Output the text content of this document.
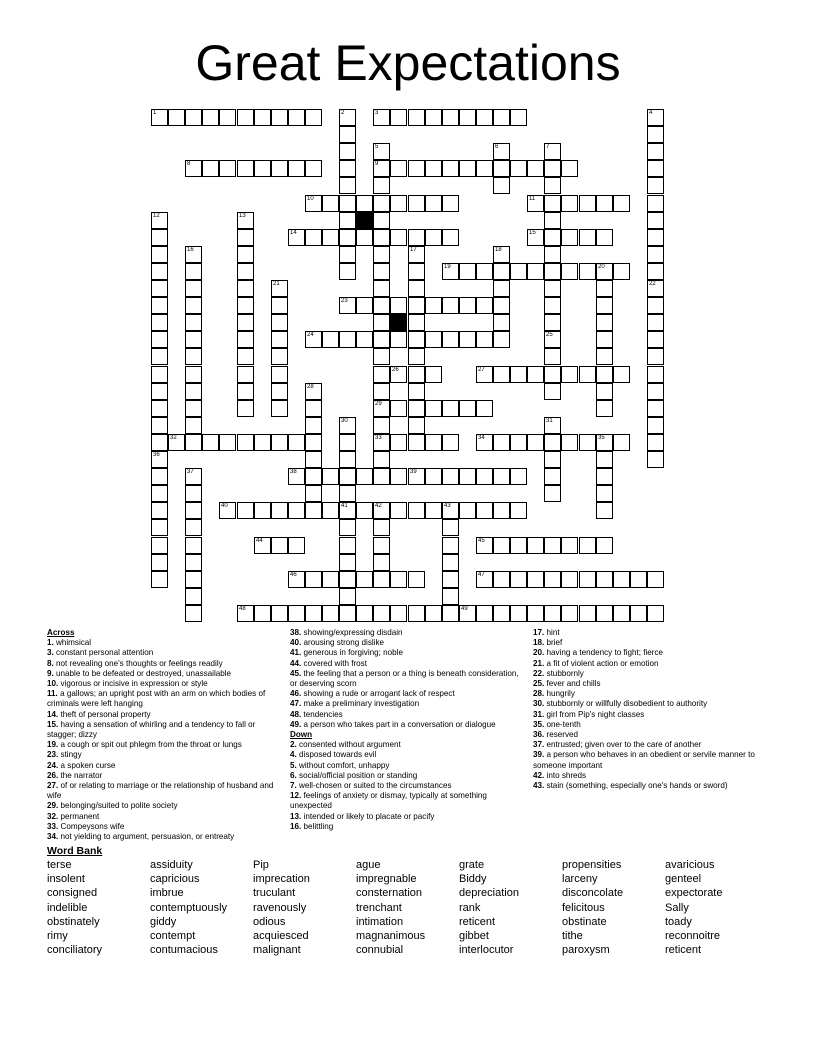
Great Expectations
1	3
8	9
10	11
14	15
19	20
23
24
26	27
29
32	33	34	35
38	39
40	41	42	43
44	45
46	47
48	49
2	4
22
5	6	7
12	13
16	17	18
21
25
28
30	31
36
37
Across
1. whimsical
3. constant personal attention
8. not revealing one's thoughts or feelings readily
9. unable to be defeated or destroyed, unassailable
10. vigorous or incisive in expression or style
11. a gallows; an upright post with an arm on which bodies of criminals were left hanging
14. theft of personal property
15. having a sensation of whirling and a tendency to fall or stagger; dizzy
19. a cough or spit out phlegm from the throat or lungs
23. stingy
24. a spoken curse
26. the narrator
27. of or relating to marriage or the relationship of husband and wife
29. belonging/suited to polite society
32. permanent
33. Compeysons wife
34. not yielding to argument, persuasion, or entreaty
38. showing/expressing disdain
40. arousing strong dislike
41. generous in forgiving; noble
44. covered with frost
45. the feeling that a person or a thing is beneath consideration, or deserving scorn
46. showing a rude or arrogant lack of respect
47. make a preliminary investigation
48. tendencies
49. a person who takes part in a conversation or dialogue
Down
2. consented without argument
4. disposed towards evil
5. without comfort, unhappy
6. social/official position or standing
7. well-chosen or suited to the circumstances
12. feelings of anxiety or dismay, typically at something unexpected
13. intended or likely to placate or pacify
16. belittling
17. hint
18. brief
20. having a tendency to fight; fierce
21. a fit of violent action or emotion
22. stubbornly
25. fever and chills
28. hungrily
30. stubbornly or willfully disobedient to authority
31. girl from Pip's night classes
35. one-tenth
36. reserved
37. entrusted; given over to the care of another
39. a person who behaves in an obedient or servile manner to someone important
42. into shreds
43. stain (something, especially one's hands or sword)
Word Bank
terse	assiduity	Pip	ague	grate	propensities	avaricious
insolent	capricious	imprecation	impregnable	Biddy	larceny	genteel
consigned	imbrue	truculant	consternation	depreciation	disconcolate	expectorate
indelible	contemptuously	ravenously	trenchant	rank	felicitous	Sally
obstinately	giddy	odious	intimation	reticent	obstinate	toady
rimy	contempt	acquiesced	magnanimous	gibbet	tithe	reconnoitre
conciliatory	contumacious	malignant	connubial	interlocutor	paroxysm	reticent
